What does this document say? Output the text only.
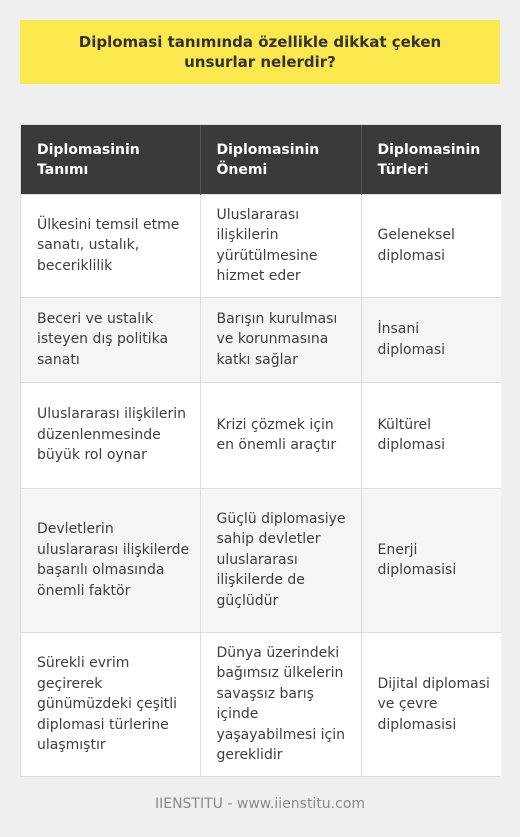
Diplomasi tanımında özellikle dikkat çeken unsurlar nelerdir?
Diplomasinin Tanımı	Diplomasinin Önemi	Diplomasinin Türleri
Ülkesini temsil etme sanatı, ustalık, beceriklilik	Uluslararası ilişkilerin yürütülmesine hizmet eder	Geleneksel diplomasi
Beceri ve ustalık isteyen dış politika sanatı	Barışın kurulması ve korunmasına katkı sağlar	İnsani diplomasi
Uluslararası ilişkilerin düzenlenmesinde büyük rol oynar	Krizi çözmek için en önemli araçtır	Kültürel diplomasi
Devletlerin uluslararası ilişkilerde başarılı olmasında önemli faktör	Güçlü diplomasiye sahip devletler uluslararası ilişkilerde de güçlüdür	Enerji diplomasisi
Sürekli evrim geçirerek günümüzdeki çeşitli diplomasi türlerine ulaşmıştır	Dünya üzerindeki bağımsız ülkelerin savaşsız barış içinde yaşayabilmesi için gereklidir	Dijital diplomasi ve çevre diplomasisi
IIENSTITU - www.iienstitu.com
